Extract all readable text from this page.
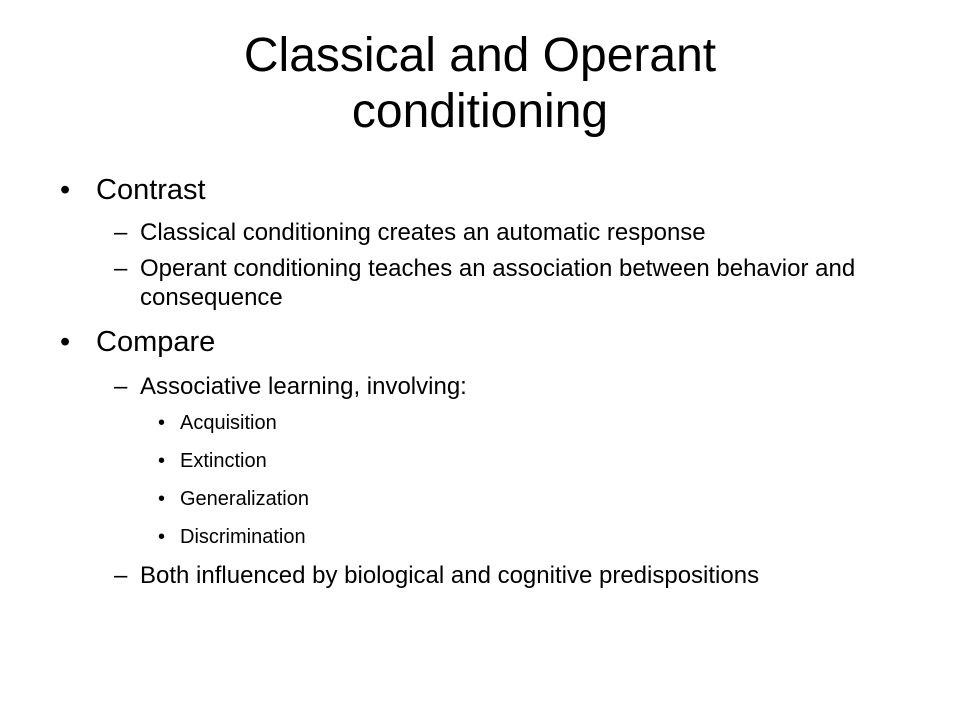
Classical and Operant
conditioning
• Contrast
– Classical conditioning creates an automatic response
– Operant conditioning teaches an association between behavior and consequence
• Compare
– Associative learning, involving:
• Acquisition
• Extinction
• Generalization
• Discrimination
– Both influenced by biological and cognitive predispositions
